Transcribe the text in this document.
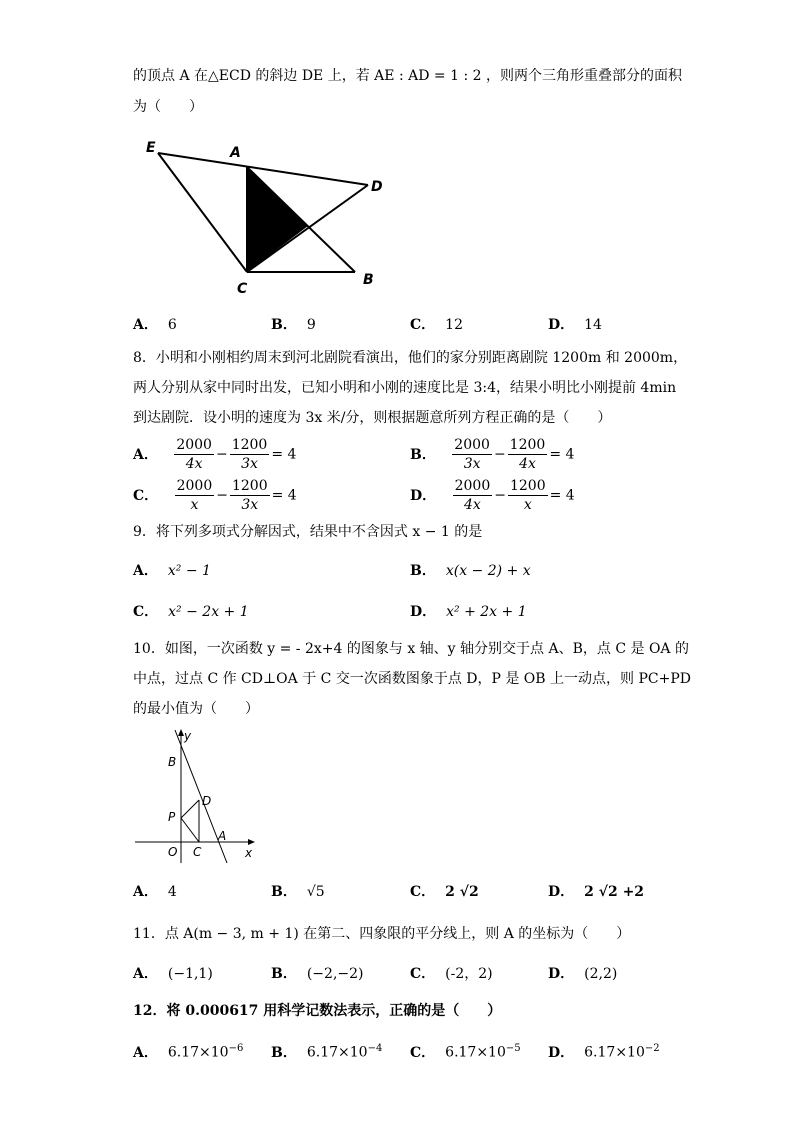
的顶点 A 在△ECD 的斜边 DE 上，若 AE : AD = 1 : 2 ，则两个三角形重叠部分的面积
为（　　）
E	A
D
C
B
A． 6	B． 9	C． 12	D． 14
8．小明和小刚相约周末到河北剧院看演出，他们的家分别距离剧院 1200m 和 2000m，
两人分别从家中同时出发，已知小明和小刚的速度比是 3:4，结果小明比小刚提前 4min
到达剧院．设小明的速度为 3x 米/分，则根据题意所列方程正确的是（　　）
A． $\frac{2000}{4x} - \frac{1200}{3x} = 4$	B． $\frac{2000}{3x} - \frac{1200}{4x} = 4$
C． $\frac{2000}{x} - \frac{1200}{3x} = 4$	D． $\frac{2000}{4x} - \frac{1200}{x} = 4$
9．将下列多项式分解因式，结果中不含因式 x − 1 的是
A． x² − 1	B． x(x − 2) + x
C． x² − 2x + 1	D． x² + 2x + 1
10．如图，一次函数 y = - 2x+4 的图象与 x 轴、y 轴分别交于点 A、B，点 C 是 OA 的
中点，过点 C 作 CD⊥OA 于 C 交一次函数图象于点 D，P 是 OB 上一动点，则 PC+PD
的最小值为（　　）
y
x
B
D
P
A
O C
A． 4	B． √5	C． 2 √2	D． 2 √2 +2
11．点 A(m − 3, m + 1) 在第二、四象限的平分线上，则 A 的坐标为（　　）
A． (−1,1)	B． (−2,−2)	C． (-2，2)	D． (2,2)
12．将 0.000617 用科学记数法表示，正确的是（　　）
A． $6.17\times 10^{-6}$ B． $6.17\times 10^{-4}$ C． $6.17\times 10^{-5}$ D． $6.17\times 10^{-2}$
